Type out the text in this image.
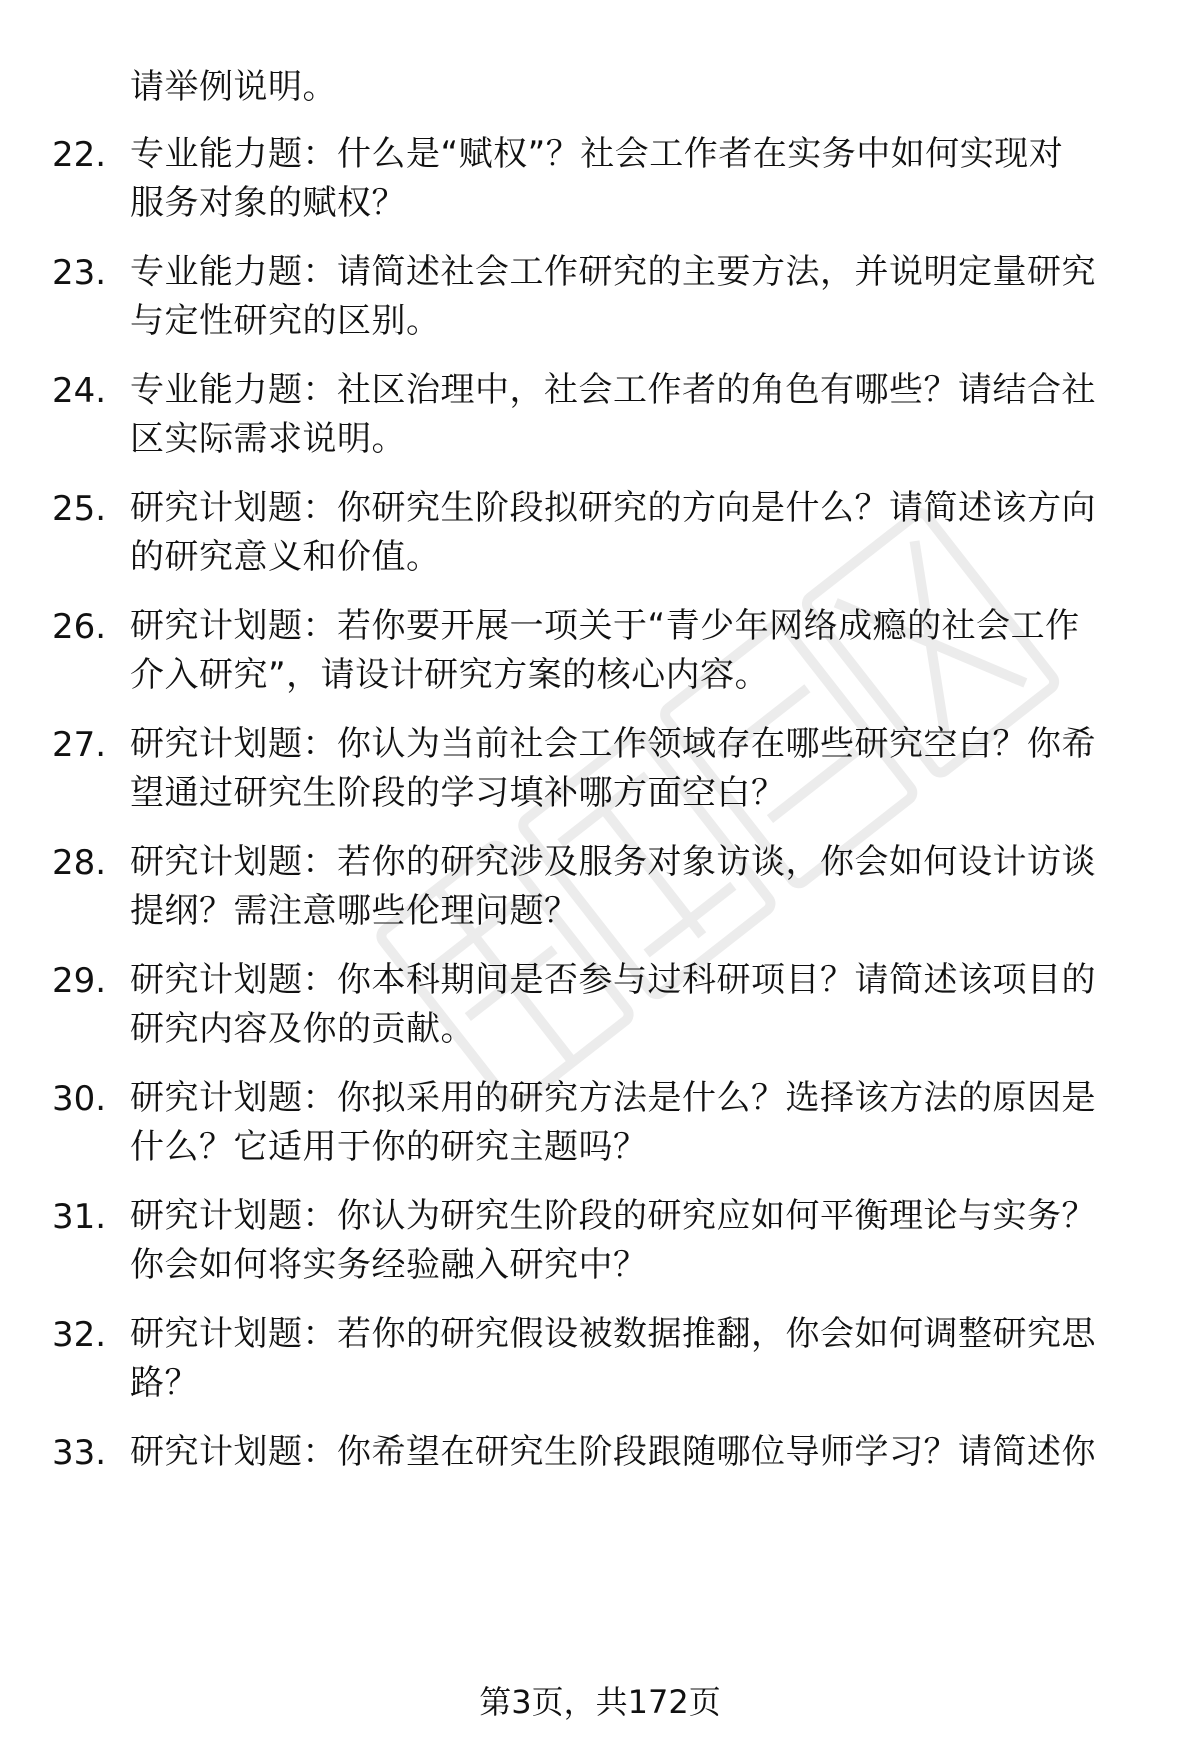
请举例说明。
22. 专业能力题：什么是“赋权”？社会工作者在实务中如何实现对
服务对象的赋权？
23. 专业能力题：请简述社会工作研究的主要方法，并说明定量研究
与定性研究的区别。
24. 专业能力题：社区治理中，社会工作者的角色有哪些？请结合社
区实际需求说明。
25. 研究计划题：你研究生阶段拟研究的方向是什么？请简述该方向
的研究意义和价值。
26. 研究计划题：若你要开展一项关于“青少年网络成瘾的社会工作
介入研究”，请设计研究方案的核心内容。
27. 研究计划题：你认为当前社会工作领域存在哪些研究空白？你希
望通过研究生阶段的学习填补哪方面空白？
28. 研究计划题：若你的研究涉及服务对象访谈，你会如何设计访谈
提纲？需注意哪些伦理问题？
29. 研究计划题：你本科期间是否参与过科研项目？请简述该项目的
研究内容及你的贡献。
30. 研究计划题：你拟采用的研究方法是什么？选择该方法的原因是
什么？它适用于你的研究主题吗？
31. 研究计划题：你认为研究生阶段的研究应如何平衡理论与实务？
你会如何将实务经验融入研究中？
32. 研究计划题：若你的研究假设被数据推翻，你会如何调整研究思
路？
33. 研究计划题：你希望在研究生阶段跟随哪位导师学习？请简述你
第3页，共172页
